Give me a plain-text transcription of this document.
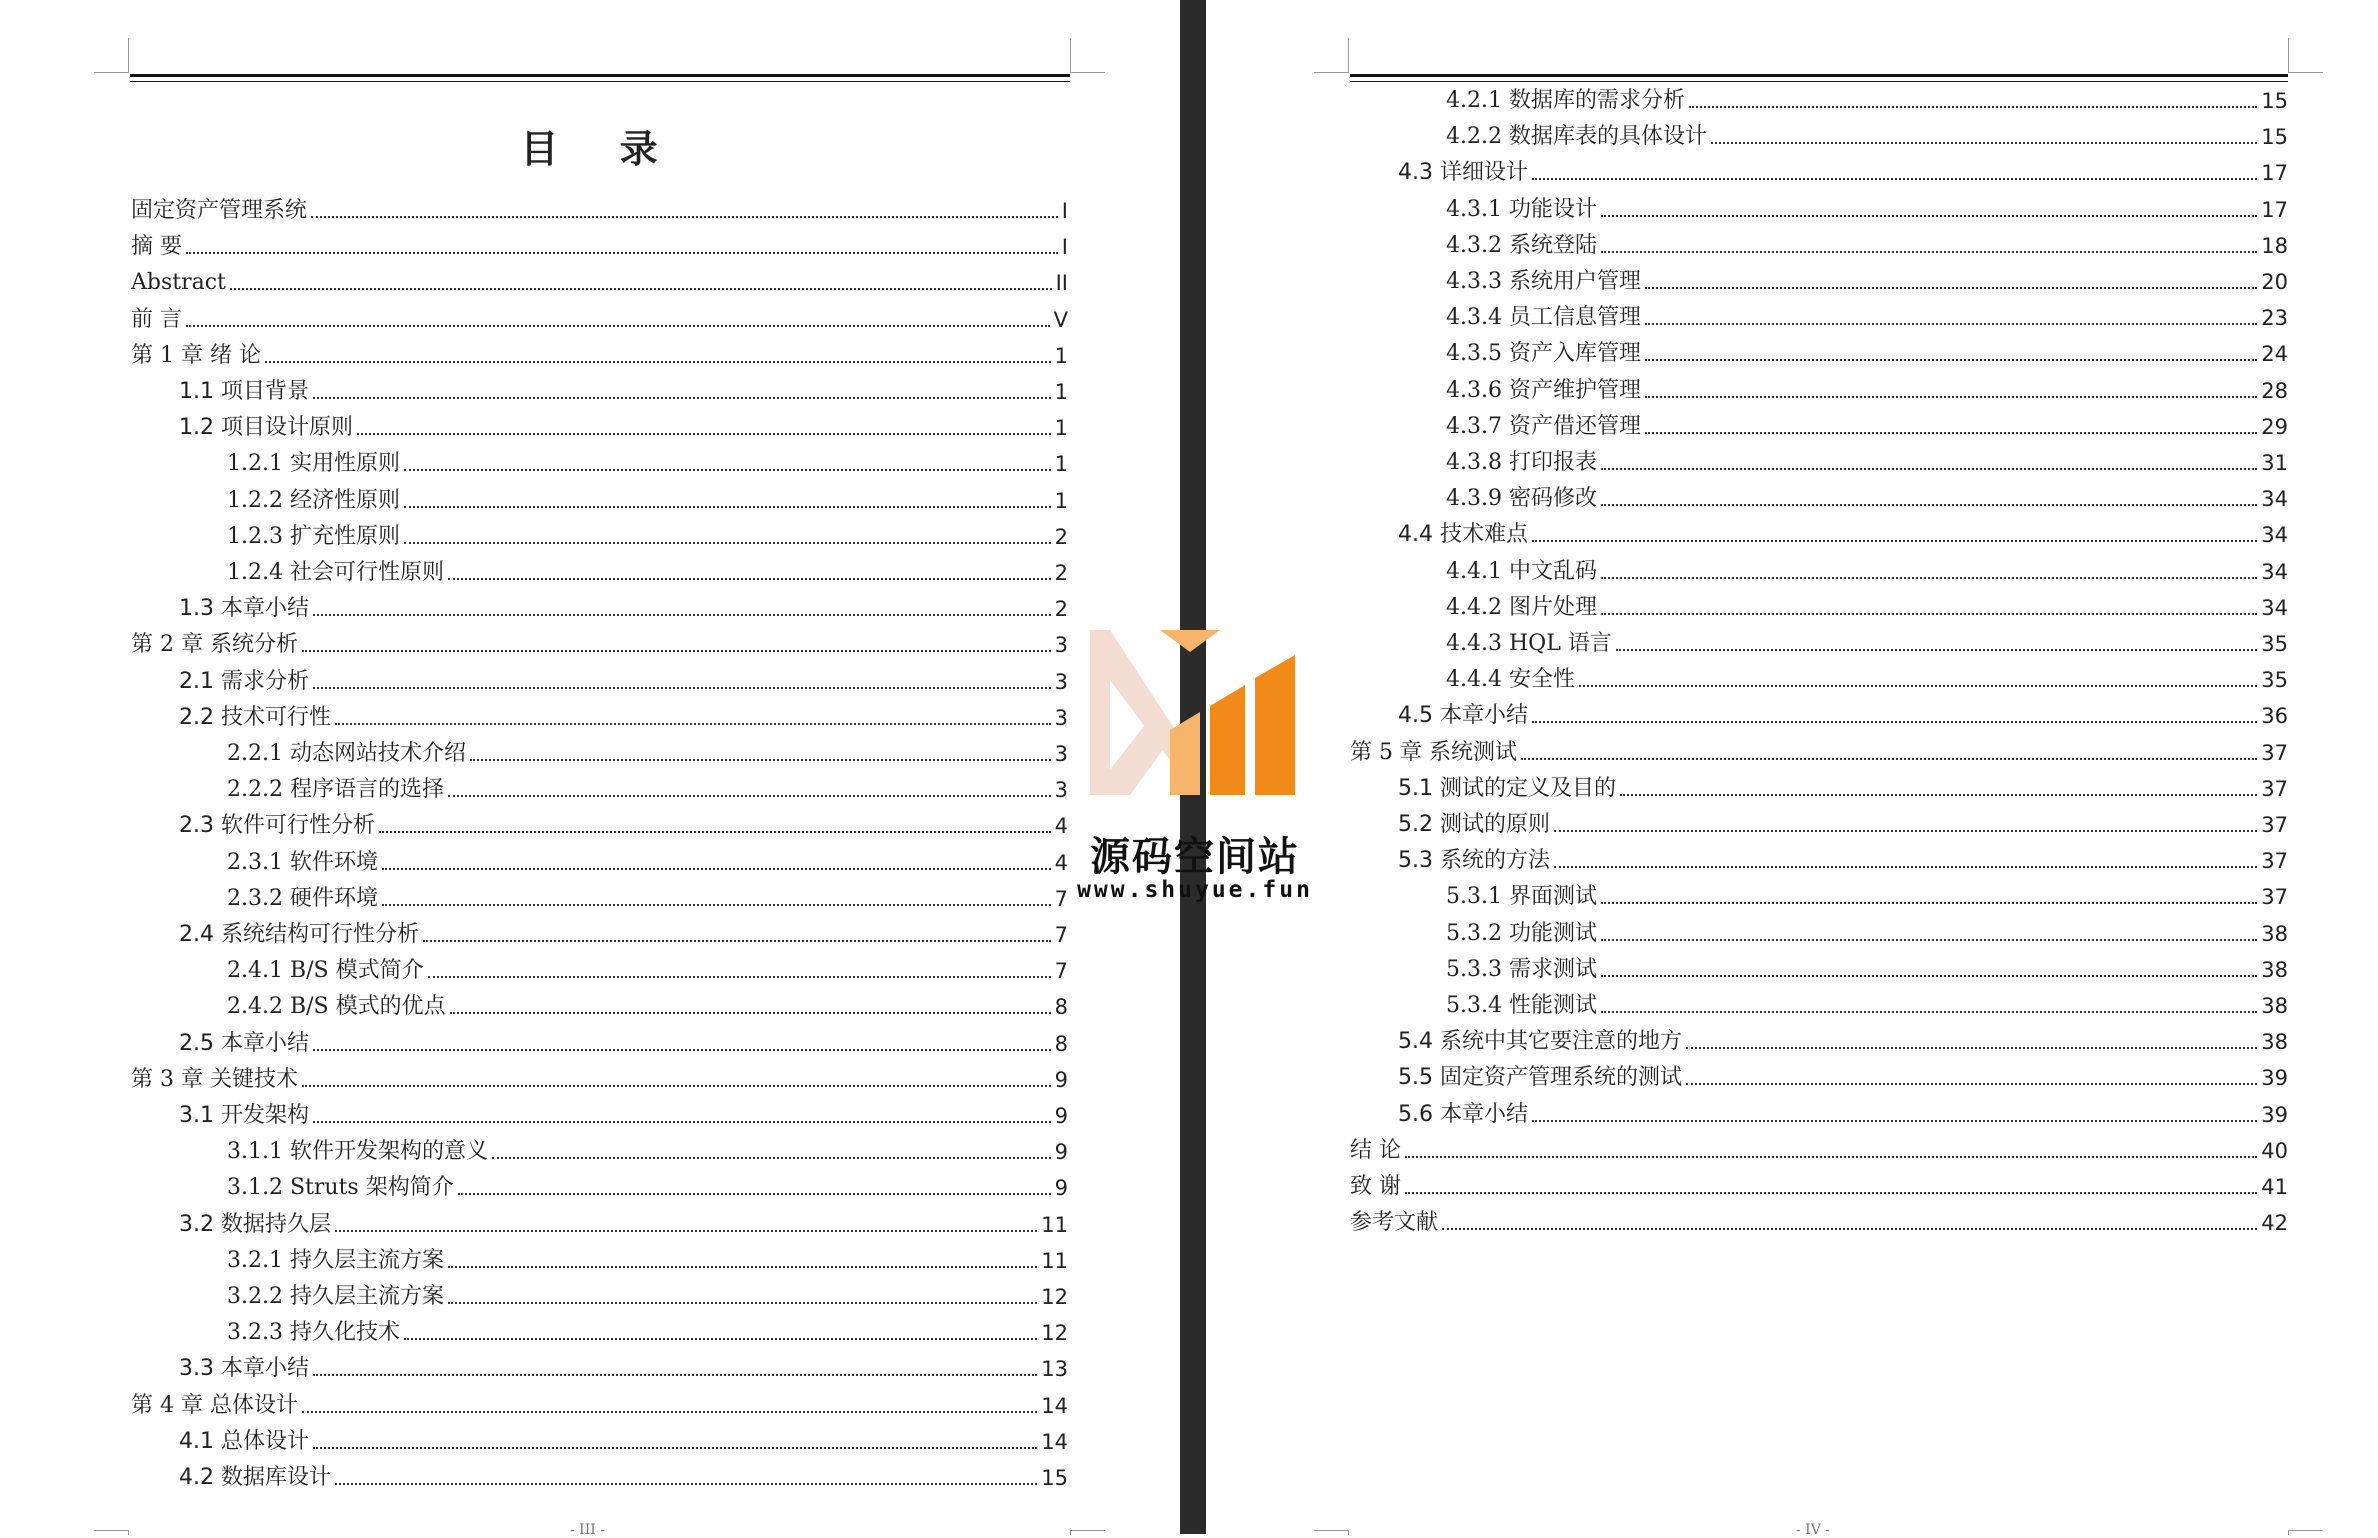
目 录
固定资产管理系统	I
摘 要	I
Abstract	II
前 言	V
第 1 章 绪 论	1
1.1 项目背景	1
1.2 项目设计原则	1
1.2.1 实用性原则	1
1.2.2 经济性原则	1
1.2.3 扩充性原则	2
1.2.4 社会可行性原则	2
1.3 本章小结	2
第 2 章 系统分析	3
2.1 需求分析	3
2.2 技术可行性	3
2.2.1 动态网站技术介绍	3
2.2.2 程序语言的选择	3
2.3 软件可行性分析	4
2.3.1 软件环境	4
2.3.2 硬件环境	7
2.4 系统结构可行性分析	7
2.4.1 B/S 模式简介	7
2.4.2 B/S 模式的优点	8
2.5 本章小结	8
第 3 章 关键技术	9
3.1 开发架构	9
3.1.1 软件开发架构的意义	9
3.1.2 Struts 架构简介	9
3.2 数据持久层	11
3.2.1 持久层主流方案	11
3.2.2 持久层主流方案	12
3.2.3 持久化技术	12
3.3 本章小结	13
第 4 章 总体设计	14
4.1 总体设计	14
4.2 数据库设计	15
- III -
4.2.1 数据库的需求分析	15
4.2.2 数据库表的具体设计	15
4.3 详细设计	17
4.3.1 功能设计	17
4.3.2 系统登陆	18
4.3.3 系统用户管理	20
4.3.4 员工信息管理	23
4.3.5 资产入库管理	24
4.3.6 资产维护管理	28
4.3.7 资产借还管理	29
4.3.8 打印报表	31
4.3.9 密码修改	34
4.4 技术难点	34
4.4.1 中文乱码	34
4.4.2 图片处理	34
4.4.3 HQL 语言	35
4.4.4 安全性	35
4.5 本章小结	36
第 5 章 系统测试	37
5.1 测试的定义及目的	37
5.2 测试的原则	37
5.3 系统的方法	37
5.3.1 界面测试	37
5.3.2 功能测试	38
5.3.3 需求测试	38
5.3.4 性能测试	38
5.4 系统中其它要注意的地方	38
5.5 固定资产管理系统的测试	39
5.6 本章小结	39
结 论	40
致 谢	41
参考文献	42
- IV -
源码空间站
www.shuyue.fun
